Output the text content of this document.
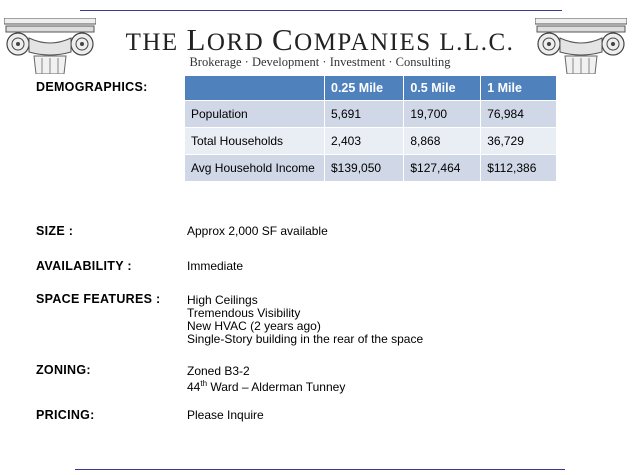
THE LORD COMPANIES L.L.C.
Brokerage · Development · Investment · Consulting
DEMOGRAPHICS:
		0.25 Mile	0.5 Mile	1 Mile
Population	5,691	19,700	76,984
Total Households	2,403	8,868	36,729
Avg Household Income	$139,050	$127,464	$112,386
SIZE :	Approx 2,000 SF available
AVAILABILITY :	Immediate
SPACE FEATURES : High Ceilings
Tremendous Visibility
New HVAC (2 years ago)
Single-Story building in the rear of the space
ZONING:	Zoned B3-2
44th Ward – Alderman Tunney
PRICING:	Please Inquire
